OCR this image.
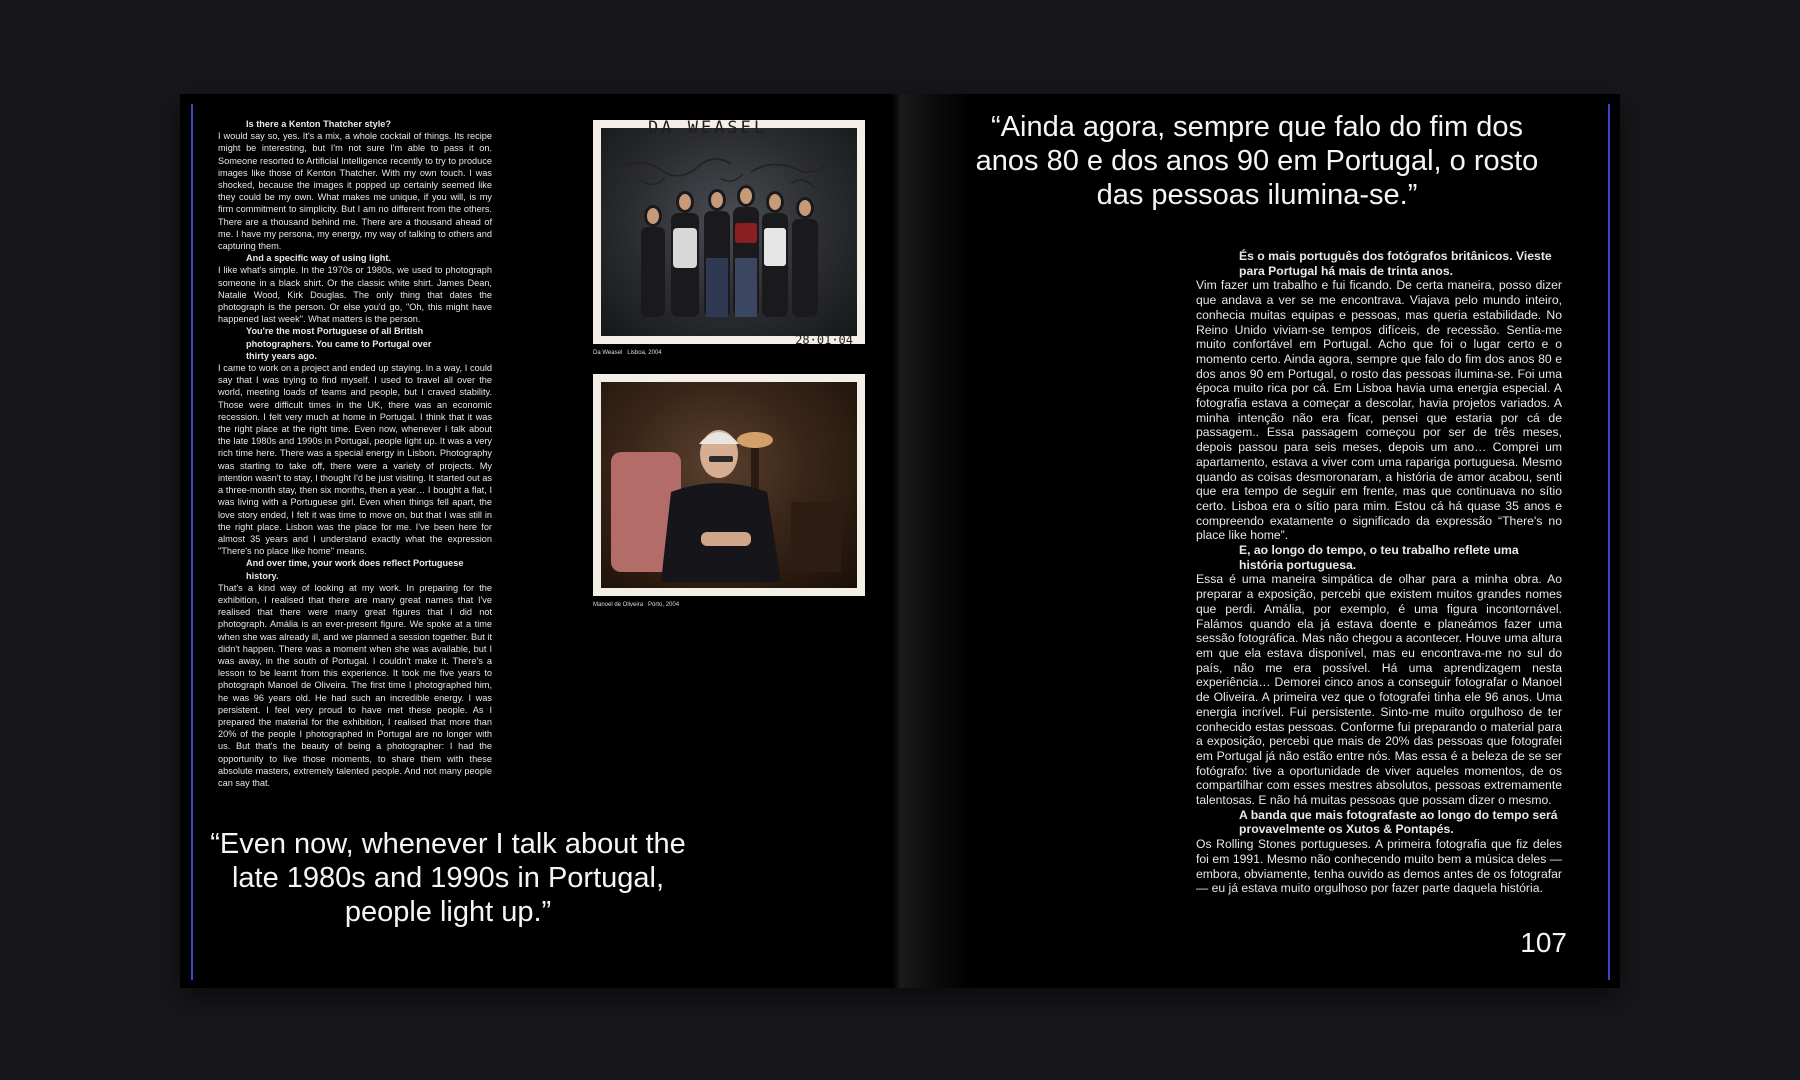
Is there a Kenton Thatcher style?

I would say so, yes. It's a mix, a whole cocktail of things. Its recipe might be interesting, but I'm not sure I'm able to pass it on. Someone resorted to Artificial Intelligence recently to try to produce images like those of Kenton Thatcher. With my own touch. I was shocked, because the images it popped up certainly seemed like they could be my own. What makes me unique, if you will, is my firm commitment to simplicity. But I am no different from the others. There are a thousand behind me. There are a thousand ahead of me. I have my persona, my energy, my way of talking to others and capturing them.

And a specific way of using light.

I like what's simple. In the 1970s or 1980s, we used to photograph someone in a black shirt. Or the classic white shirt. James Dean, Natalie Wood, Kirk Douglas. The only thing that dates the photograph is the person. Or else you'd go, "Oh, this might have happened last week". What matters is the person.

You're the most Portuguese of all British photographers. You came to Portugal over thirty years ago.

I came to work on a project and ended up staying. In a way, I could say that I was trying to find myself. I used to travel all over the world, meeting loads of teams and people, but I craved stability. Those were difficult times in the UK, there was an economic recession. I felt very much at home in Portugal. I think that it was the right place at the right time. Even now, whenever I talk about the late 1980s and 1990s in Portugal, people light up. It was a very rich time here. There was a special energy in Lisbon. Photography was starting to take off, there were a variety of projects. My intention wasn't to stay, I thought I'd be just visiting. It started out as a three-month stay, then six months, then a year… I bought a flat, I was living with a Portuguese girl. Even when things fell apart, the love story ended, I felt it was time to move on, but that I was still in the right place. Lisbon was the place for me. I've been here for almost 35 years and I understand exactly what the expression "There's no place like home" means.

And over time, your work does reflect Portuguese history.

That's a kind way of looking at my work. In preparing for the exhibition, I realised that there are many great names that I've realised that there were many great figures that I did not photograph. Amália is an ever-present figure. We spoke at a time when she was already ill, and we planned a session together. But it didn't happen. There was a moment when she was available, but I was away, in the south of Portugal. I couldn't make it. There's a lesson to be learnt from this experience. It took me five years to photograph Manoel de Oliveira. The first time I photographed him, he was 96 years old. He had such an incredible energy. I was persistent. I feel very proud to have met these people. As I prepared the material for the exhibition, I realised that more than 20% of the people I photographed in Portugal are no longer with us. But that's the beauty of being a photographer: I had the opportunity to live those moments, to share them with these absolute masters, extremely talented people. And not many people can say that.

DA WEASEL
28·01·04
Da Weasel Lisboa, 2004
Manoel de Oliveira Porto, 2004
“Even now, whenever I talk about the late 1980s and 1990s in Portugal, people light up.”
“Ainda agora, sempre que falo do fim dos anos 80 e dos anos 90 em Portugal, o rosto das pessoas ilumina-se.”

És o mais português dos fotógrafos britânicos. Vieste para Portugal há mais de trinta anos.

Vim fazer um trabalho e fui ficando. De certa maneira, posso dizer que andava a ver se me encontrava. Viajava pelo mundo inteiro, conhecia muitas equipas e pessoas, mas queria estabilidade. No Reino Unido viviam-se tempos difíceis, de recessão. Sentia-me muito confortável em Portugal. Acho que foi o lugar certo e o momento certo. Ainda agora, sempre que falo do fim dos anos 80 e dos anos 90 em Portugal, o rosto das pessoas ilumina-se. Foi uma época muito rica por cá. Em Lisboa havia uma energia especial. A fotografia estava a começar a descolar, havia projetos variados. A minha intenção não era ficar, pensei que estaria por cá de passagem.. Essa passagem começou por ser de três meses, depois passou para seis meses, depois um ano… Comprei um apartamento, estava a viver com uma rapariga portuguesa. Mesmo quando as coisas desmoronaram, a história de amor acabou, senti que era tempo de seguir em frente, mas que continuava no sítio certo. Lisboa era o sítio para mim. Estou cá há quase 35 anos e compreendo exatamente o significado da expressão “There's no place like home”.

E, ao longo do tempo, o teu trabalho reflete uma história portuguesa.

Essa é uma maneira simpática de olhar para a minha obra. Ao preparar a exposição, percebi que existem muitos grandes nomes que perdi. Amália, por exemplo, é uma figura incontornável. Falámos quando ela já estava doente e planeámos fazer uma sessão fotográfica. Mas não chegou a acontecer. Houve uma altura em que ela estava disponível, mas eu encontrava-me no sul do país, não me era possível. Há uma aprendizagem nesta experiência… Demorei cinco anos a conseguir fotografar o Manoel de Oliveira. A primeira vez que o fotografei tinha ele 96 anos. Uma energia incrível. Fui persistente. Sinto-me muito orgulhoso de ter conhecido estas pessoas. Conforme fui preparando o material para a exposição, percebi que mais de 20% das pessoas que fotografei em Portugal já não estão entre nós. Mas essa é a beleza de se ser fotógrafo: tive a oportunidade de viver aqueles momentos, de os compartilhar com esses mestres absolutos, pessoas extremamente talentosas. E não há muitas pessoas que possam dizer o mesmo.

A banda que mais fotografaste ao longo do tempo será provavelmente os Xutos & Pontapés.

Os Rolling Stones portugueses. A primeira fotografia que fiz deles foi em 1991. Mesmo não conhecendo muito bem a música deles — embora, obviamente, tenha ouvido as demos antes de os fotografar — eu já estava muito orgulhoso por fazer parte daquela história.

107
